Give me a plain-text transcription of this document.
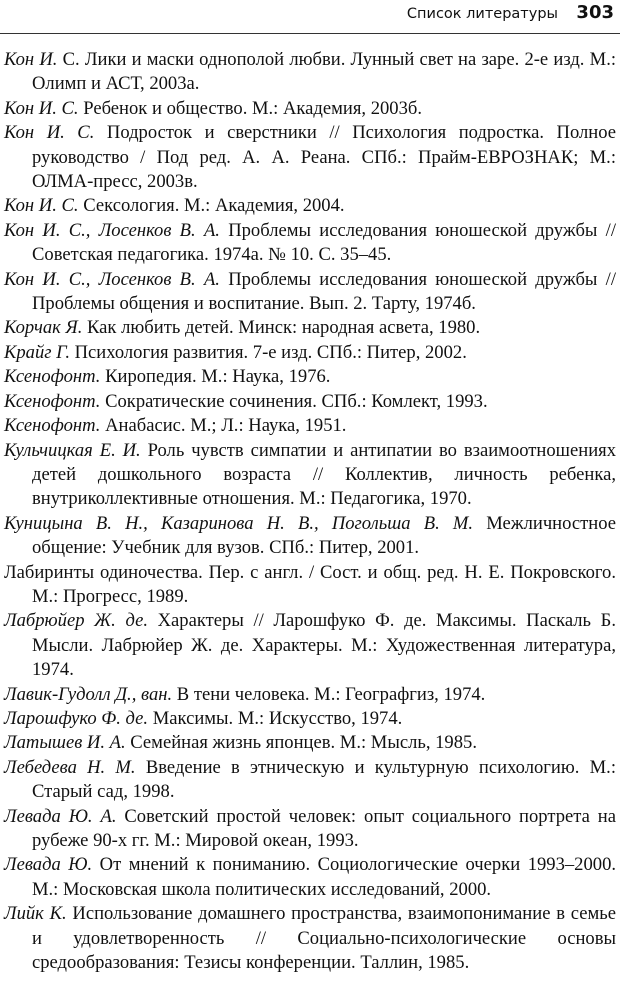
Список литературы 303

Кон И. С. Лики и маски однополой любви. Лунный свет на заре. 2-е изд. М.: Олимп и АСТ, 2003а.

Кон И. С. Ребенок и общество. М.: Академия, 2003б.

Кон И. С. Подросток и сверстники // Психология подростка. Полное руководство / Под ред. А. А. Реана. СПб.: Прайм-ЕВРОЗНАК; М.: ОЛМА-пресс, 2003в.

Кон И. С. Сексология. М.: Академия, 2004.

Кон И. С., Лосенков В. А. Проблемы исследования юношеской дружбы // Советская педагогика. 1974а. № 10. С. 35–45.

Кон И. С., Лосенков В. А. Проблемы исследования юношеской дружбы // Проблемы общения и воспитание. Вып. 2. Тарту, 1974б.

Корчак Я. Как любить детей. Минск: народная асвета, 1980.

Крайг Г. Психология развития. 7-е изд. СПб.: Питер, 2002.

Ксенофонт. Киропедия. М.: Наука, 1976.

Ксенофонт. Сократические сочинения. СПб.: Комлект, 1993.

Ксенофонт. Анабасис. М.; Л.: Наука, 1951.

Кульчицкая Е. И. Роль чувств симпатии и антипатии во взаимоотношениях детей дошкольного возраста // Коллектив, личность ребенка, внутриколлективные отношения. М.: Педагогика, 1970.

Куницына В. Н., Казаринова Н. В., Погольша В. М. Межличностное общение: Учебник для вузов. СПб.: Питер, 2001.

Лабиринты одиночества. Пер. с англ. / Сост. и общ. ред. Н. Е. Покровского. М.: Прогресс, 1989.

Лабрюйер Ж. де. Характеры // Ларошфуко Ф. де. Максимы. Паскаль Б. Мысли. Лабрюйер Ж. де. Характеры. М.: Художественная литература, 1974.

Лавик-Гудолл Д., ван. В тени человека. М.: Географгиз, 1974.

Ларошфуко Ф. де. Максимы. М.: Искусство, 1974.

Латышев И. А. Семейная жизнь японцев. М.: Мысль, 1985.

Лебедева Н. М. Введение в этническую и культурную психологию. М.: Старый сад, 1998.

Левада Ю. А. Советский простой человек: опыт социального портрета на рубеже 90-х гг. М.: Мировой океан, 1993.

Левада Ю. От мнений к пониманию. Социологические очерки 1993–2000. М.: Московская школа политических исследований, 2000.

Лийк К. Использование домашнего пространства, взаимопонимание в семье и удовлетворенность // Социально-психологические основы средообразования: Тезисы конференции. Таллин, 1985.
